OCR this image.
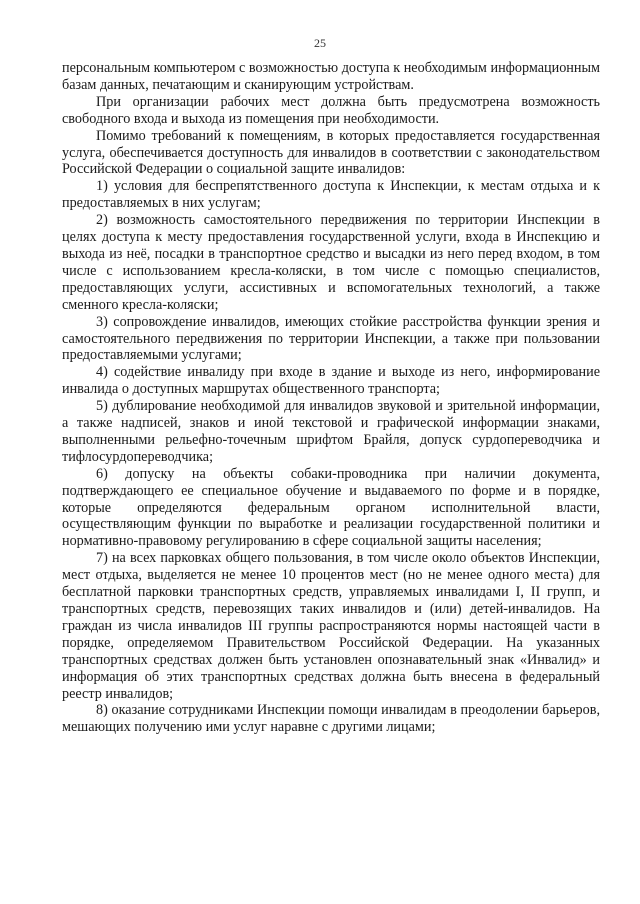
25

персональным компьютером с возможностью доступа к необходимым информационным базам данных, печатающим и сканирующим устройствам.

При организации рабочих мест должна быть предусмотрена возможность свободного входа и выхода из помещения при необходимости.

Помимо требований к помещениям, в которых предоставляется государственная услуга, обеспечивается доступность для инвалидов в соответствии с законодательством Российской Федерации о социальной защите инвалидов:

1) условия для беспрепятственного доступа к Инспекции, к местам отдыха и к предоставляемых в них услугам;

2) возможность самостоятельного передвижения по территории Инспекции в целях доступа к месту предоставления государственной услуги, входа в Инспекцию и выхода из неё, посадки в транспортное средство и высадки из него перед входом, в том числе с использованием кресла-коляски, в том числе с помощью специалистов, предоставляющих услуги, ассистивных и вспомогательных технологий, а также сменного кресла-коляски;

3) сопровождение инвалидов, имеющих стойкие расстройства функции зрения и самостоятельного передвижения по территории Инспекции, а также при пользовании предоставляемыми услугами;

4) содействие инвалиду при входе в здание и выходе из него, информирование инвалида о доступных маршрутах общественного транспорта;

5) дублирование необходимой для инвалидов звуковой и зрительной информации, а также надписей, знаков и иной текстовой и графической информации знаками, выполненными рельефно-точечным шрифтом Брайля, допуск сурдопереводчика и тифлосурдопереводчика;

6) допуску на объекты собаки-проводника при наличии документа, подтверждающего ее специальное обучение и выдаваемого по форме и в порядке, которые определяются федеральным органом исполнительной власти, осуществляющим функции по выработке и реализации государственной политики и нормативно-правовому регулированию в сфере социальной защиты населения;

7) на всех парковках общего пользования, в том числе около объектов Инспекции, мест отдыха, выделяется не менее 10 процентов мест (но не менее одного места) для бесплатной парковки транспортных средств, управляемых инвалидами I, II групп, и транспортных средств, перевозящих таких инвалидов и (или) детей-инвалидов. На граждан из числа инвалидов III группы распространяются нормы настоящей части в порядке, определяемом Правительством Российской Федерации. На указанных транспортных средствах должен быть установлен опознавательный знак «Инвалид» и информация об этих транспортных средствах должна быть внесена в федеральный реестр инвалидов;

8) оказание сотрудниками Инспекции помощи инвалидам в преодолении барьеров, мешающих получению ими услуг наравне с другими лицами;
